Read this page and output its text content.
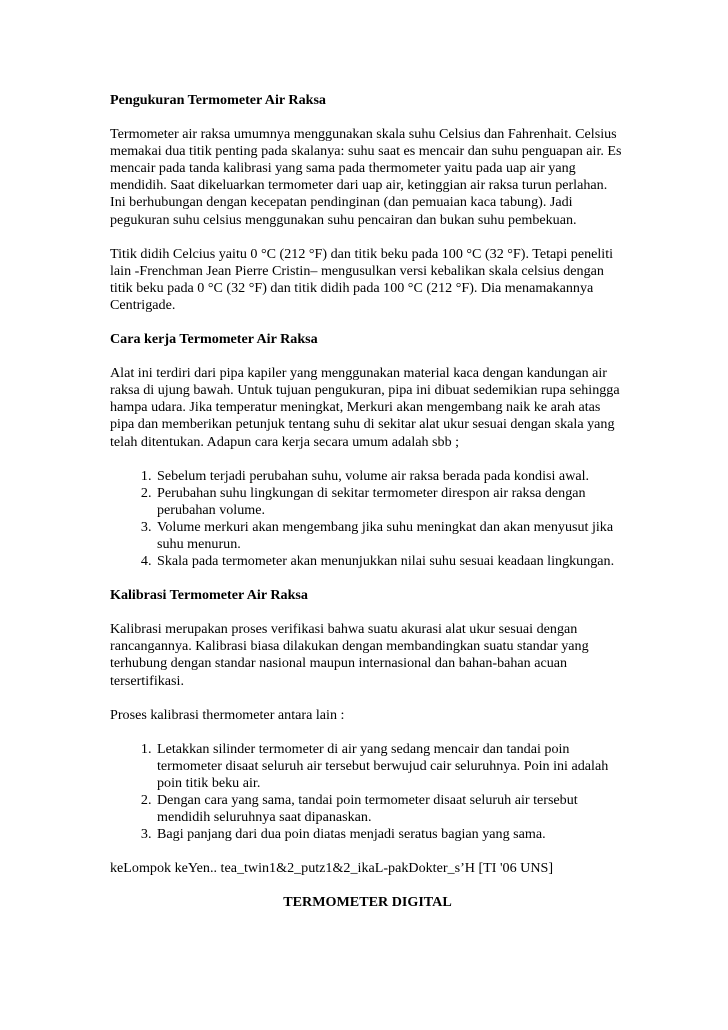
Pengukuran Termometer Air Raksa

Termometer air raksa umumnya menggunakan skala suhu Celsius dan Fahrenhait. Celsius memakai dua titik penting pada skalanya: suhu saat es mencair dan suhu penguapan air. Es mencair pada tanda kalibrasi yang sama pada thermometer yaitu pada uap air yang mendidih. Saat dikeluarkan termometer dari uap air, ketinggian air raksa turun perlahan. Ini berhubungan dengan kecepatan pendinginan (dan pemuaian kaca tabung). Jadi pegukuran suhu celsius menggunakan suhu pencairan dan bukan suhu pembekuan.

Titik didih Celcius yaitu 0 °C (212 °F) dan titik beku pada 100 °C (32 °F). Tetapi peneliti lain -Frenchman Jean Pierre Cristin– mengusulkan versi kebalikan skala celsius dengan titik beku pada 0 °C (32 °F) dan titik didih pada 100 °C (212 °F). Dia menamakannya Centrigade.

Cara kerja Termometer Air Raksa

Alat ini terdiri dari pipa kapiler yang menggunakan material kaca dengan kandungan air raksa di ujung bawah. Untuk tujuan pengukuran, pipa ini dibuat sedemikian rupa sehingga hampa udara. Jika temperatur meningkat, Merkuri akan mengembang naik ke arah atas pipa dan memberikan petunjuk tentang suhu di sekitar alat ukur sesuai dengan skala yang telah ditentukan. Adapun cara kerja secara umum adalah sbb ;

1. Sebelum terjadi perubahan suhu, volume air raksa berada pada kondisi awal.
2. Perubahan suhu lingkungan di sekitar termometer direspon air raksa dengan perubahan volume.
3. Volume merkuri akan mengembang jika suhu meningkat dan akan menyusut jika suhu menurun.
4. Skala pada termometer akan menunjukkan nilai suhu sesuai keadaan lingkungan.

Kalibrasi Termometer Air Raksa

Kalibrasi merupakan proses verifikasi bahwa suatu akurasi alat ukur sesuai dengan rancangannya. Kalibrasi biasa dilakukan dengan membandingkan suatu standar yang terhubung dengan standar nasional maupun internasional dan bahan-bahan acuan tersertifikasi.

Proses kalibrasi thermometer antara lain :

1. Letakkan silinder termometer di air yang sedang mencair dan tandai poin termometer disaat seluruh air tersebut berwujud cair seluruhnya. Poin ini adalah poin titik beku air.
2. Dengan cara yang sama, tandai poin termometer disaat seluruh air tersebut mendidih seluruhnya saat dipanaskan.
3. Bagi panjang dari dua poin diatas menjadi seratus bagian yang sama.

keLompok keYen.. tea_twin1&2_putz1&2_ikaL-pakDokter_s’H [TI '06 UNS]

TERMOMETER DIGITAL
